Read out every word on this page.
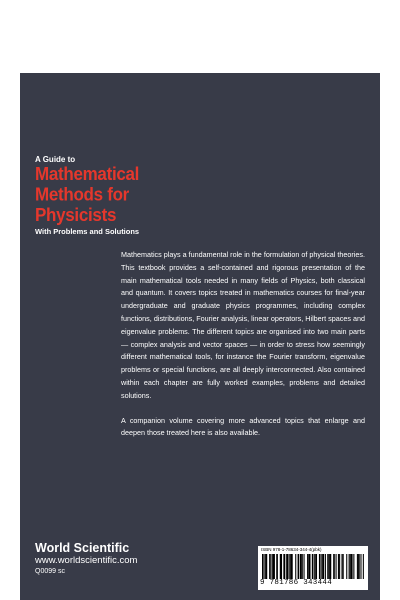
A Guide to
Mathematical
Methods for
Physicists
With Problems and Solutions

Mathematics plays a fundamental role in the formulation of physical theories. This textbook provides a self-contained and rigorous presentation of the main mathematical tools needed in many fields of Physics, both classical and quantum. It covers topics treated in mathematics courses for final-year undergraduate and graduate physics programmes, including complex functions, distributions, Fourier analysis, linear operators, Hilbert spaces and eigenvalue problems. The different topics are organised into two main parts — complex analysis and vector spaces — in order to stress how seemingly different mathematical tools, for instance the Fourier transform, eigenvalue problems or special functions, are all deeply interconnected. Also contained within each chapter are fully worked examples, problems and detailed solutions.

A companion volume covering more advanced topics that enlarge and deepen those treated here is also available.

World Scientific
www.worldscientific.com
Q0099 sc
ISBN 978-1-78634-344-4(pbk)
9 781786 343444
